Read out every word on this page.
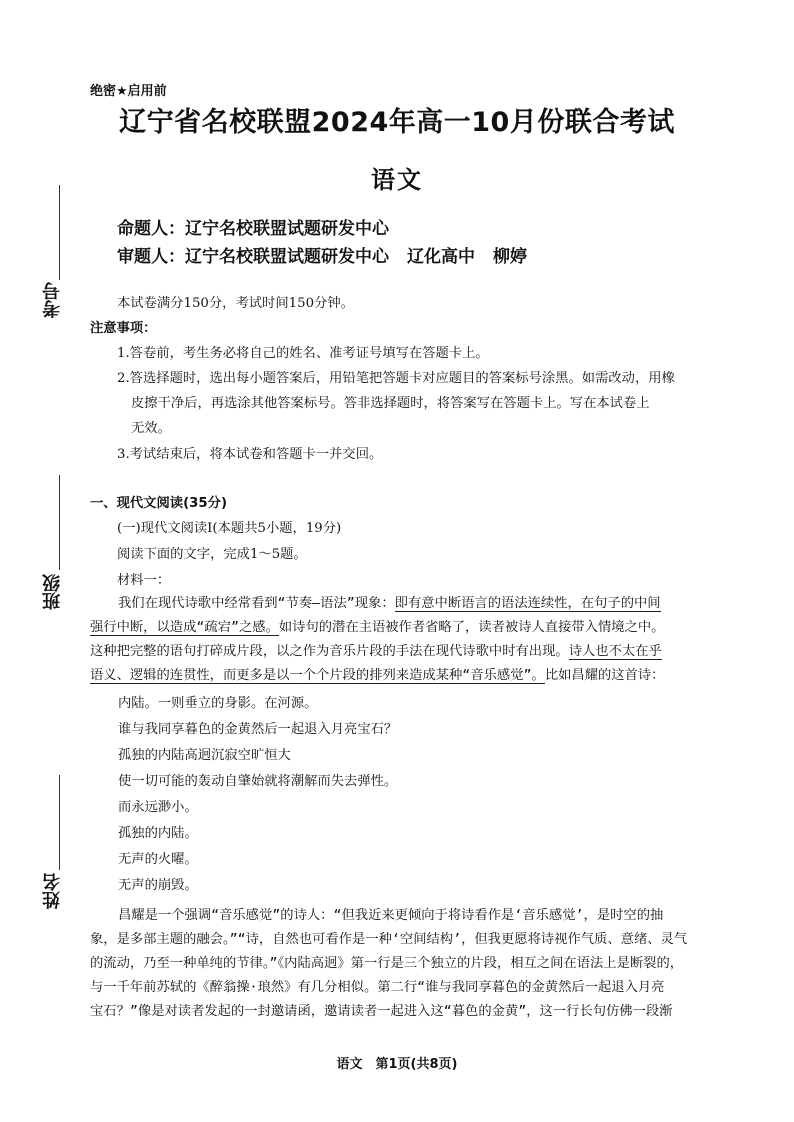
绝密★启用前
辽宁省名校联盟2024年高一10月份联合考试
语文
命题人：辽宁名校联盟试题研发中心
审题人：辽宁名校联盟试题研发中心 辽化高中 柳婷
考号
班级
姓名
本试卷满分150分，考试时间150分钟。
注意事项：
1.答卷前，考生务必将自己的姓名、准考证号填写在答题卡上。
2.答选择题时，选出每小题答案后，用铅笔把答题卡对应题目的答案标号涂黑。如需改动，用橡
皮擦干净后，再选涂其他答案标号。答非选择题时，将答案写在答题卡上。写在本试卷上
无效。
3.考试结束后，将本试卷和答题卡一并交回。
一、现代文阅读(35分)
(一)现代文阅读Ⅰ(本题共5小题，19分)
阅读下面的文字，完成1～5题。
材料一：
我们在现代诗歌中经常看到“节奏—语法”现象：即有意中断语言的语法连续性，在句子的中间
强行中断，以造成“疏宕”之感。如诗句的潜在主语被作者省略了，读者被诗人直接带入情境之中。
这种把完整的语句打碎成片段，以之作为音乐片段的手法在现代诗歌中时有出现。诗人也不太在乎
语义、逻辑的连贯性，而更多是以一个个片段的排列来造成某种“音乐感觉”。比如昌耀的这首诗：
内陆。一则垂立的身影。在河源。
谁与我同享暮色的金黄然后一起退入月亮宝石？
孤独的内陆高迥沉寂空旷恒大
使一切可能的轰动自肇始就将潮解而失去弹性。
而永远渺小。
孤独的内陆。
无声的火曜。
无声的崩毁。
昌耀是一个强调“音乐感觉”的诗人：“但我近来更倾向于将诗看作是‘音乐感觉’，是时空的抽
象，是多部主题的融会。”“诗，自然也可看作是一种‘空间结构’，但我更愿将诗视作气质、意绪、灵气
的流动，乃至一种单纯的节律。”《内陆高迥》第一行是三个独立的片段，相互之间在语法上是断裂的，
与一千年前苏轼的《醉翁操·琅然》有几分相似。第二行“谁与我同享暮色的金黄然后一起退入月亮
宝石？”像是对读者发起的一封邀请函，邀请读者一起进入这“暮色的金黄”，这一行长句仿佛一段渐
语文　第1页(共8页)
